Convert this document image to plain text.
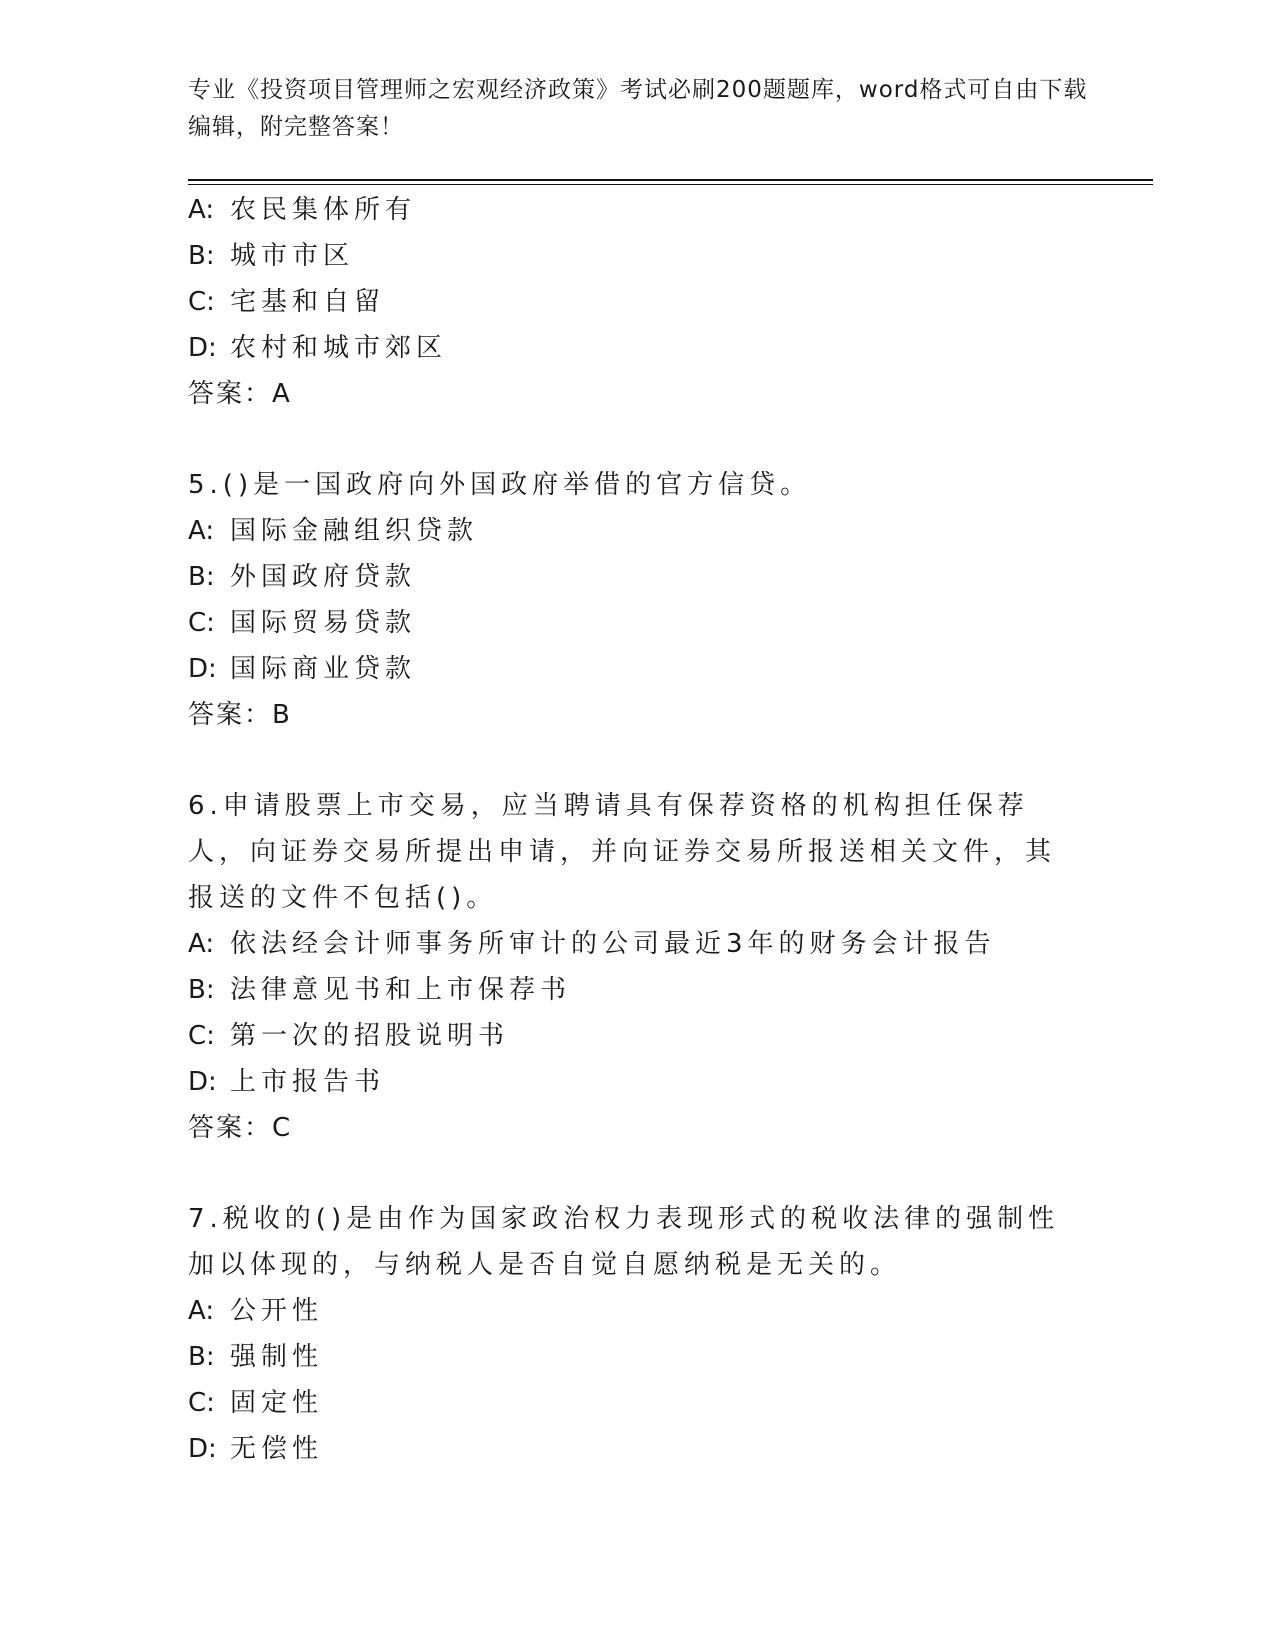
专业《投资项目管理师之宏观经济政策》考试必刷200题题库，word格式可自由下载编辑，附完整答案！
A: 农民集体所有
B: 城市市区
C: 宅基和自留
D: 农村和城市郊区
答案：A
5.()是一国政府向外国政府举借的官方信贷。
A: 国际金融组织贷款
B: 外国政府贷款
C: 国际贸易贷款
D: 国际商业贷款
答案：B
6.申请股票上市交易，应当聘请具有保荐资格的机构担任保荐人，向证券交易所提出申请，并向证券交易所报送相关文件，其报送的文件不包括()。
A: 依法经会计师事务所审计的公司最近3年的财务会计报告
B: 法律意见书和上市保荐书
C: 第一次的招股说明书
D: 上市报告书
答案：C
7.税收的()是由作为国家政治权力表现形式的税收法律的强制性加以体现的，与纳税人是否自觉自愿纳税是无关的。
A: 公开性
B: 强制性
C: 固定性
D: 无偿性
